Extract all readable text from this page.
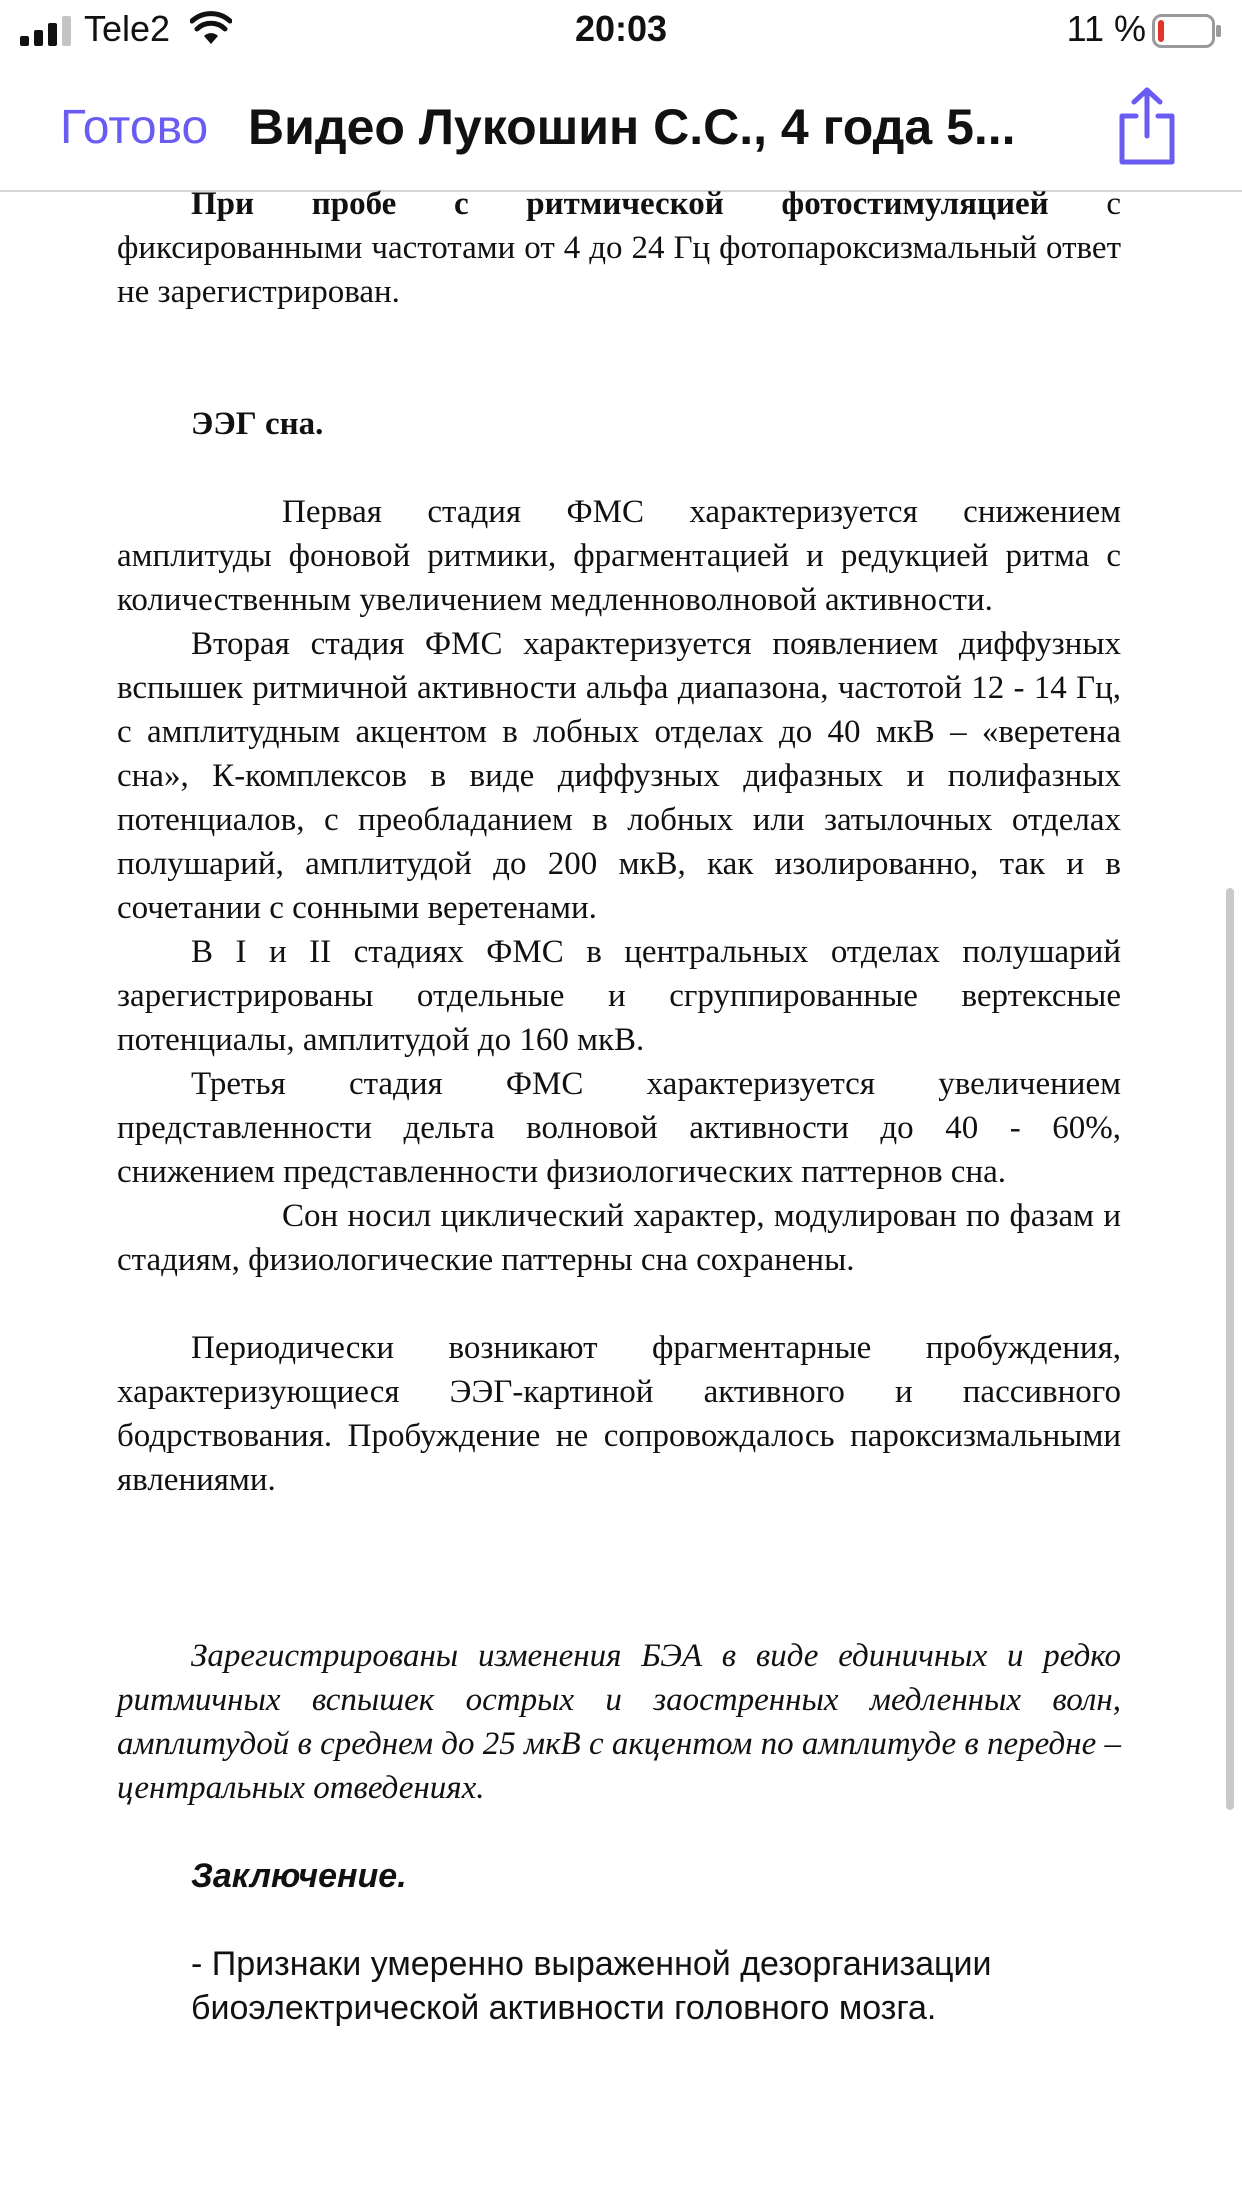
Tele2	20:03	11 %
Готово Видео Лукошин С.С., 4 года 5...

При пробе с ритмической фотостимуляцией с фиксированными частотами от 4 до 24 Гц фотопароксизмальный ответ не зарегистрирован.

ЭЭГ сна.

Первая стадия ФМС характеризуется снижением амплитуды фоновой ритмики, фрагментацией и редукцией ритма с количественным увеличением медленноволновой активности.

Вторая стадия ФМС характеризуется появлением диффузных вспышек ритмичной активности альфа диапазона, частотой 12 - 14 Гц, с амплитудным акцентом в лобных отделах до 40 мкВ – «веретена сна», К-комплексов в виде диффузных дифазных и полифазных потенциалов, с преобладанием в лобных или затылочных отделах полушарий, амплитудой до 200 мкВ, как изолированно, так и в сочетании с сонными веретенами.

В I и II стадиях ФМС в центральных отделах полушарий зарегистрированы отдельные и сгруппированные вертексные потенциалы, амплитудой до 160 мкВ.

Третья стадия ФМС характеризуется увеличением представленности дельта волновой активности до 40 - 60%, снижением представленности физиологических паттернов сна.

Сон носил циклический характер, модулирован по фазам и стадиям, физиологические паттерны сна сохранены.

Периодически возникают фрагментарные пробуждения, характеризующиеся ЭЭГ-картиной активного и пассивного бодрствования. Пробуждение не сопровождалось пароксизмальными явлениями.

Зарегистрированы изменения БЭА в виде единичных и редко ритмичных вспышек острых и заостренных медленных волн, амплитудой в среднем до 25 мкВ с акцентом по амплитуде в передне – центральных отведениях.

Заключение.

- Признаки умеренно выраженной дезорганизации биоэлектрической активности головного мозга.
